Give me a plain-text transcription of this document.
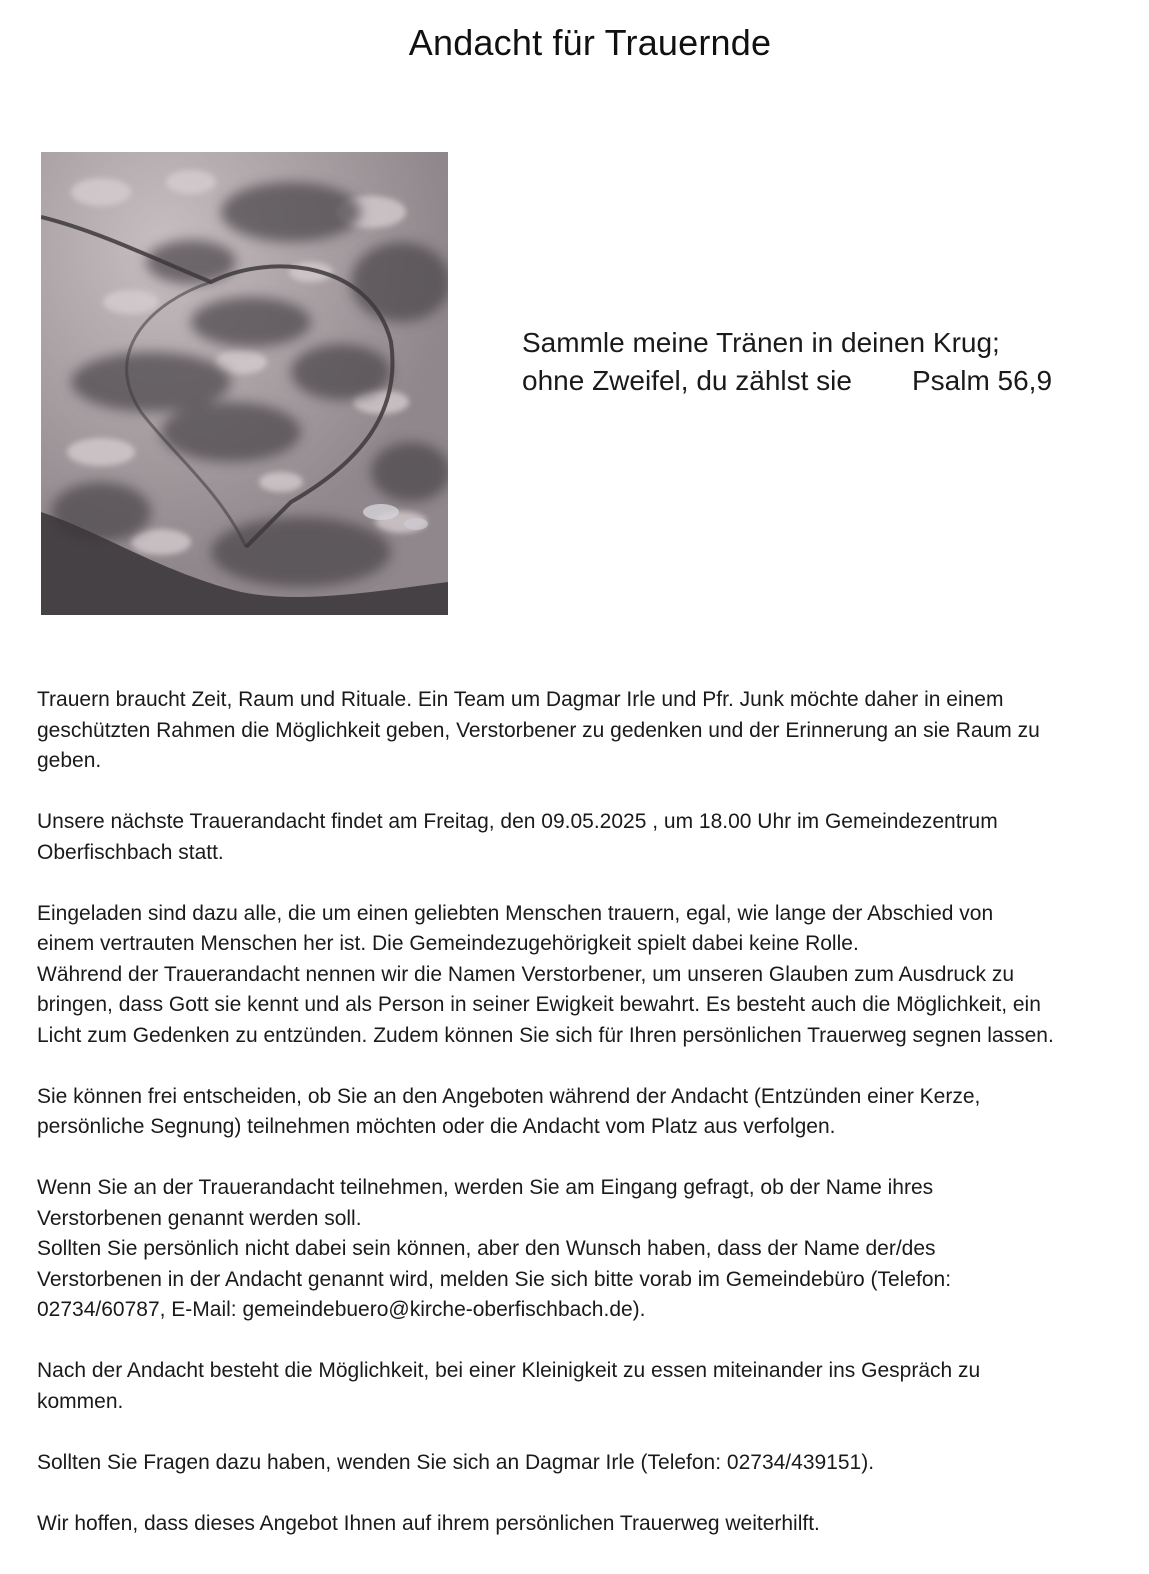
Andacht für Trauernde
Sammle meine Tränen in deinen Krug;
ohne Zweifel, du zählst sie Psalm 56,9

Trauern braucht Zeit, Raum und Rituale. Ein Team um Dagmar Irle und Pfr. Junk möchte daher in einem
geschützten Rahmen die Möglichkeit geben, Verstorbener zu gedenken und der Erinnerung an sie Raum zu
geben.

Unsere nächste Trauerandacht findet am Freitag, den 09.05.2025 , um 18.00 Uhr im Gemeindezentrum
Oberfischbach statt.

Eingeladen sind dazu alle, die um einen geliebten Menschen trauern, egal, wie lange der Abschied von
einem vertrauten Menschen her ist. Die Gemeindezugehörigkeit spielt dabei keine Rolle.
Während der Trauerandacht nennen wir die Namen Verstorbener, um unseren Glauben zum Ausdruck zu
bringen, dass Gott sie kennt und als Person in seiner Ewigkeit bewahrt. Es besteht auch die Möglichkeit, ein
Licht zum Gedenken zu entzünden. Zudem können Sie sich für Ihren persönlichen Trauerweg segnen lassen.

Sie können frei entscheiden, ob Sie an den Angeboten während der Andacht (Entzünden einer Kerze,
persönliche Segnung) teilnehmen möchten oder die Andacht vom Platz aus verfolgen.

Wenn Sie an der Trauerandacht teilnehmen, werden Sie am Eingang gefragt, ob der Name ihres
Verstorbenen genannt werden soll.
Sollten Sie persönlich nicht dabei sein können, aber den Wunsch haben, dass der Name der/des
Verstorbenen in der Andacht genannt wird, melden Sie sich bitte vorab im Gemeindebüro (Telefon:
02734/60787, E-Mail: gemeindebuero@kirche-oberfischbach.de).

Nach der Andacht besteht die Möglichkeit, bei einer Kleinigkeit zu essen miteinander ins Gespräch zu
kommen.

Sollten Sie Fragen dazu haben, wenden Sie sich an Dagmar Irle (Telefon: 02734/439151).

Wir hoffen, dass dieses Angebot Ihnen auf ihrem persönlichen Trauerweg weiterhilft.
